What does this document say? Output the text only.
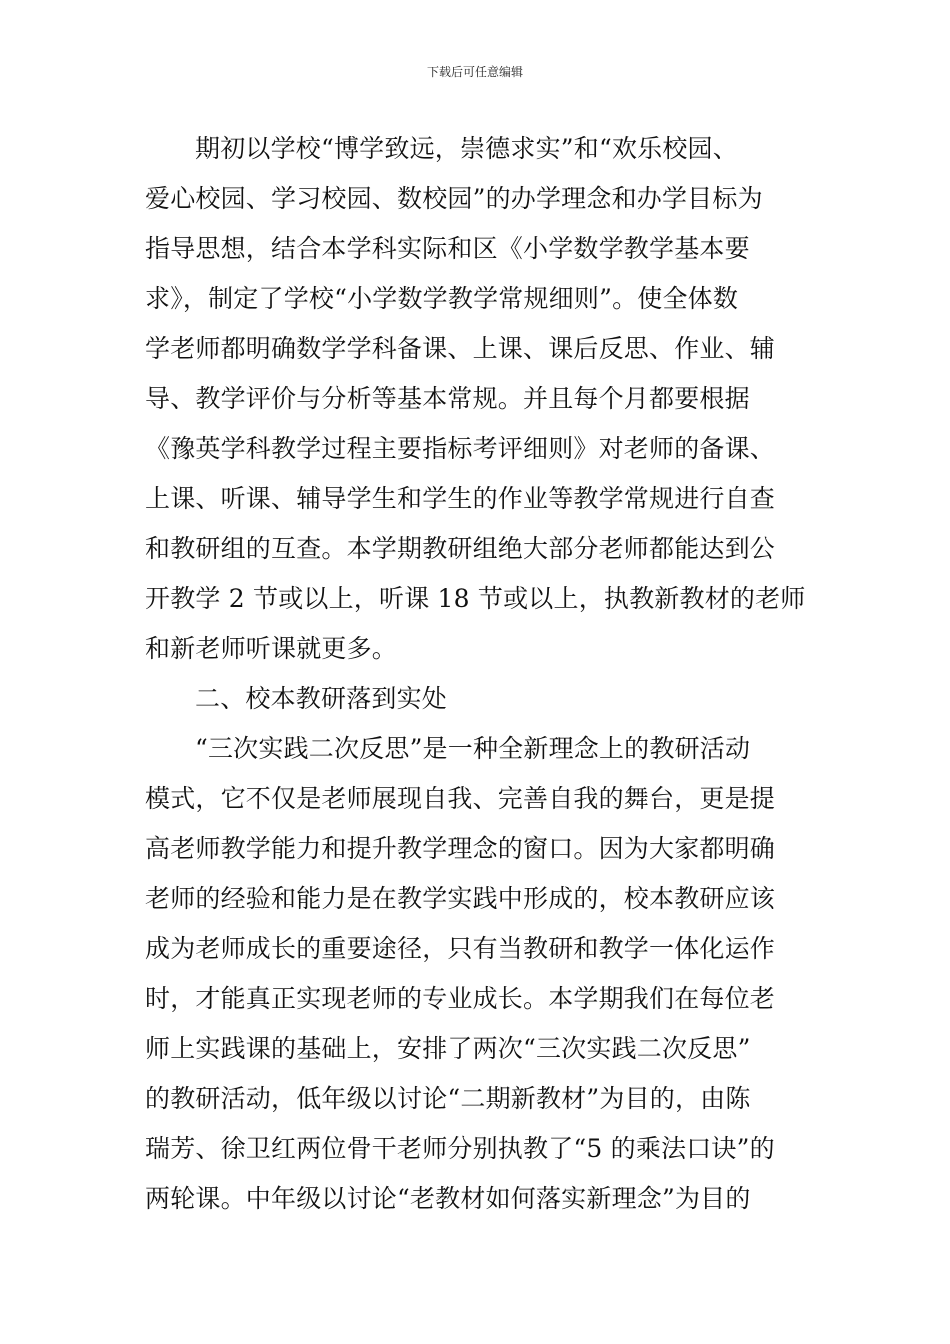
下载后可任意编辑
期初以学校“博学致远，崇德求实”和“欢乐校园、
爱心校园、学习校园、数校园”的办学理念和办学目标为
指导思想，结合本学科实际和区《小学数学教学基本要
求》，制定了学校“小学数学教学常规细则”。使全体数
学老师都明确数学学科备课、上课、课后反思、作业、辅
导、教学评价与分析等基本常规。并且每个月都要根据
《豫英学科教学过程主要指标考评细则》对老师的备课、
上课、听课、辅导学生和学生的作业等教学常规进行自查
和教研组的互查。本学期教研组绝大部分老师都能达到公
开教学 2 节或以上，听课 18 节或以上，执教新教材的老师
和新老师听课就更多。
二、校本教研落到实处
“三次实践二次反思”是一种全新理念上的教研活动
模式，它不仅是老师展现自我、完善自我的舞台，更是提
高老师教学能力和提升教学理念的窗口。因为大家都明确
老师的经验和能力是在教学实践中形成的，校本教研应该
成为老师成长的重要途径，只有当教研和教学一体化运作
时，才能真正实现老师的专业成长。本学期我们在每位老
师上实践课的基础上，安排了两次“三次实践二次反思”
的教研活动，低年级以讨论“二期新教材”为目的，由陈
瑞芳、徐卫红两位骨干老师分别执教了“5 的乘法口诀”的
两轮课。中年级以讨论“老教材如何落实新理念”为目的
